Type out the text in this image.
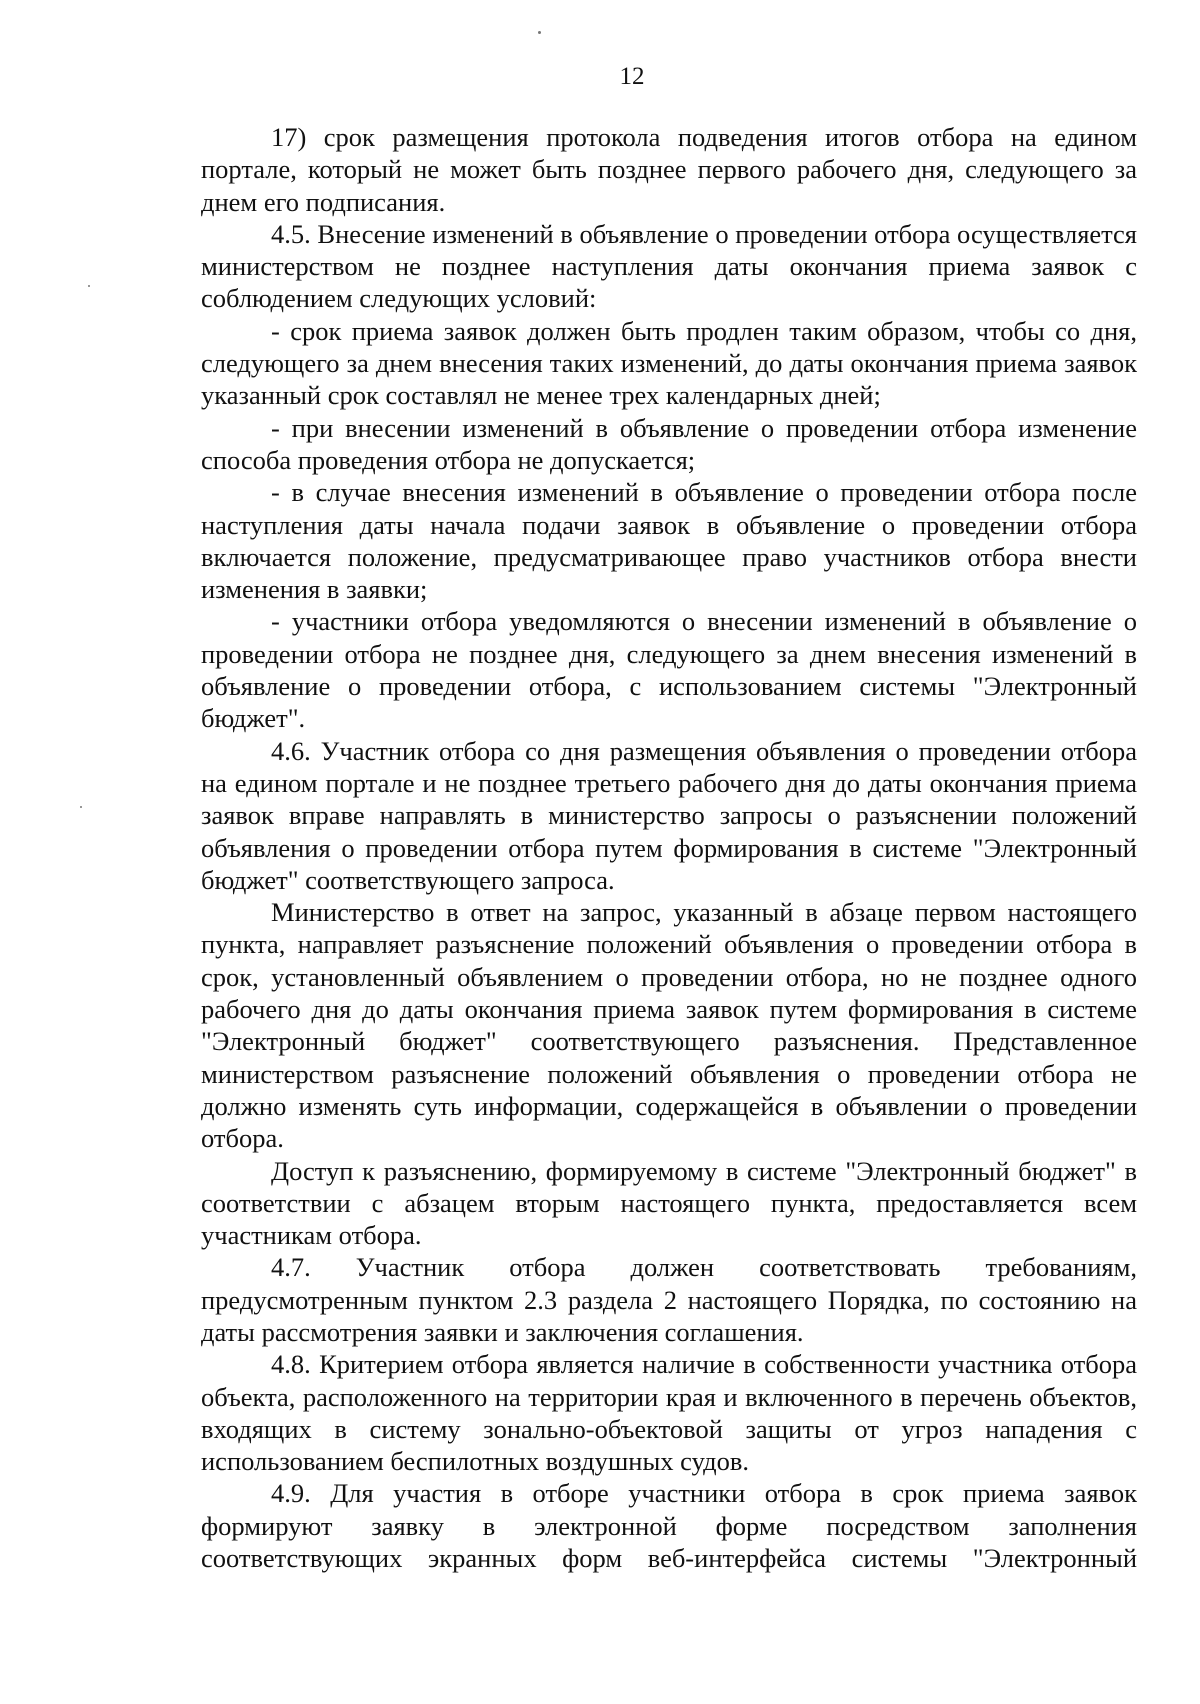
12

17) срок размещения протокола подведения итогов отбора на едином портале, который не может быть позднее первого рабочего дня, следующего за днем его подписания.

4.5. Внесение изменений в объявление о проведении отбора осуществляется министерством не позднее наступления даты окончания приема заявок с соблюдением следующих условий:

- срок приема заявок должен быть продлен таким образом, чтобы со дня, следующего за днем внесения таких изменений, до даты окончания приема заявок указанный срок составлял не менее трех календарных дней;

- при внесении изменений в объявление о проведении отбора изменение способа проведения отбора не допускается;

- в случае внесения изменений в объявление о проведении отбора после наступления даты начала подачи заявок в объявление о проведении отбора включается положение, предусматривающее право участников отбора внести изменения в заявки;

- участники отбора уведомляются о внесении изменений в объявление о проведении отбора не позднее дня, следующего за днем внесения изменений в объявление о проведении отбора, с использованием системы "Электронный бюджет".

4.6. Участник отбора со дня размещения объявления о проведении отбора на едином портале и не позднее третьего рабочего дня до даты окончания приема заявок вправе направлять в министерство запросы о разъяснении положений объявления о проведении отбора путем формирования в системе "Электронный бюджет" соответствующего запроса.

Министерство в ответ на запрос, указанный в абзаце первом настоящего пункта, направляет разъяснение положений объявления о проведении отбора в срок, установленный объявлением о проведении отбора, но не позднее одного рабочего дня до даты окончания приема заявок путем формирования в системе "Электронный бюджет" соответствующего разъяснения. Представленное министерством разъяснение положений объявления о проведении отбора не должно изменять суть информации, содержащейся в объявлении о проведении отбора.

Доступ к разъяснению, формируемому в системе "Электронный бюджет" в соответствии с абзацем вторым настоящего пункта, предоставляется всем участникам отбора.

4.7. Участник отбора должен соответствовать требованиям, предусмотренным пунктом 2.3 раздела 2 настоящего Порядка, по состоянию на даты рассмотрения заявки и заключения соглашения.

4.8. Критерием отбора является наличие в собственности участника отбора объекта, расположенного на территории края и включенного в перечень объектов, входящих в систему зонально-объектовой защиты от угроз нападения с использованием беспилотных воздушных судов.

4.9. Для участия в отборе участники отбора в срок приема заявок формируют заявку в электронной форме посредством заполнения соответствующих экранных форм веб-интерфейса системы "Электронный
